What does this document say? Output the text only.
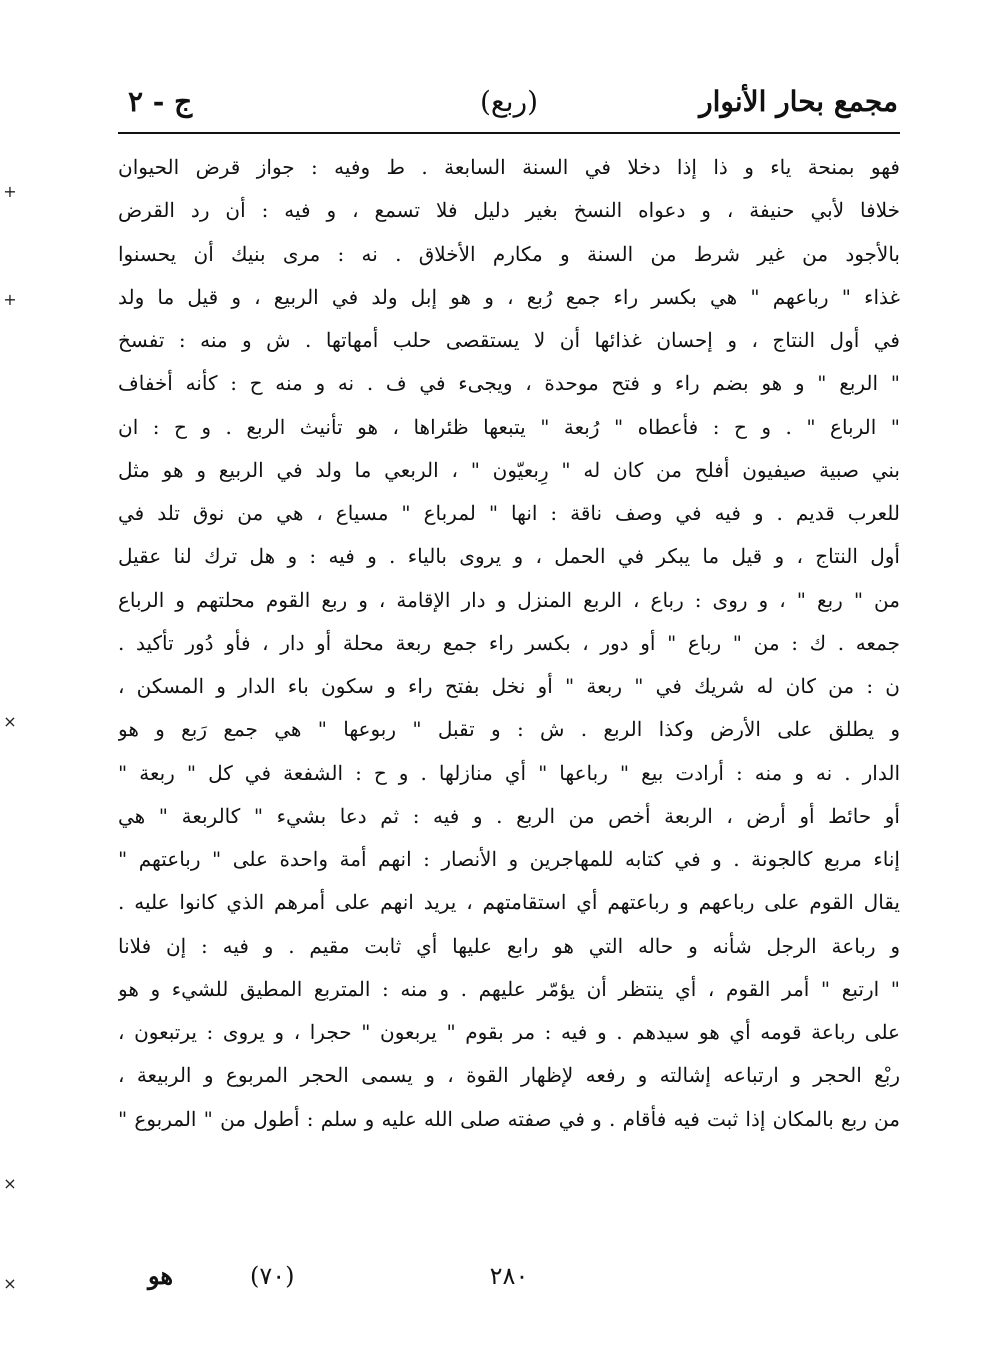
مجمع بحار الأنوار
(ربع)
ج - ٢
فهو بمنحة ياء و ذا إذا دخلا في السنة السابعة . ط وفيه : جواز قرض الحيوان
خلافا لأبي حنيفة ، و دعواه النسخ بغير دليل فلا تسمع ، و فيه : أن رد القرض
بالأجود من غير شرط من السنة و مكارم الأخلاق . نه : مرى بنيك أن يحسنوا
غذاء " رباعهم " هي بكسر راء جمع رُبع ، و هو إبل ولد في الربيع ، و قيل ما ولد
في أول النتاج ، و إحسان غذائها أن لا يستقصى حلب أمهاتها . ش و منه : تفسخ
" الربع " و هو بضم راء و فتح موحدة ، ويجىء في ف . نه و منه ح : كأنه أخفاف
" الرباع " . و ح : فأعطاه " رُبعة " يتبعها ظئراها ، هو تأنيث الربع . و ح : ان
بني صبية صيفيون أفلح من كان له " رِبعيّون " ، الربعي ما ولد في الربيع و هو مثل
للعرب قديم . و فيه في وصف ناقة : انها " لمرباع " مسياع ، هي من نوق تلد في
أول النتاج ، و قيل ما يبكر في الحمل ، و يروى بالياء . و فيه : و هل ترك لنا عقيل
من " ربع " ، و روى : رباع ، الربع المنزل و دار الإقامة ، و ربع القوم محلتهم و الرباع
جمعه . ك : من " رباع " أو دور ، بكسر راء جمع ربعة محلة أو دار ، فأو دُور تأكيد .
ن : من كان له شريك في " ربعة " أو نخل بفتح راء و سكون باء الدار و المسكن ،
و يطلق على الأرض وكذا الربع . ش : و تقبل " ربوعها " هي جمع رَبع و هو
الدار . نه و منه : أرادت بيع " رباعها " أي منازلها . و ح : الشفعة في كل " ربعة "
أو حائط أو أرض ، الربعة أخص من الربع . و فيه : ثم دعا بشيء " كالربعة " هي
إناء مربع كالجونة . و في كتابه للمهاجرين و الأنصار : انهم أمة واحدة على " رباعتهم "
يقال القوم على رباعهم و رباعتهم أي استقامتهم ، يريد انهم على أمرهم الذي كانوا عليه .
و رباعة الرجل شأنه و حاله التي هو رابع عليها أي ثابت مقيم . و فيه : إن فلانا
" ارتبع " أمر القوم ، أي ينتظر أن يؤمّر عليهم . و منه : المتربع المطيق للشيء و هو
على رباعة قومه أي هو سيدهم . و فيه : مر بقوم " يربعون " حجرا ، و يروى : يرتبعون ،
ربْع الحجر و ارتباعه إشالته و رفعه لإظهار القوة ، و يسمى الحجر المربوع و الربيعة ،
من ربع بالمكان إذا ثبت فيه فأقام . و في صفته صلى الله عليه و سلم : أطول من " المربوع "
٢٨٠
(٧٠)
هو
+
+
×
×
×
